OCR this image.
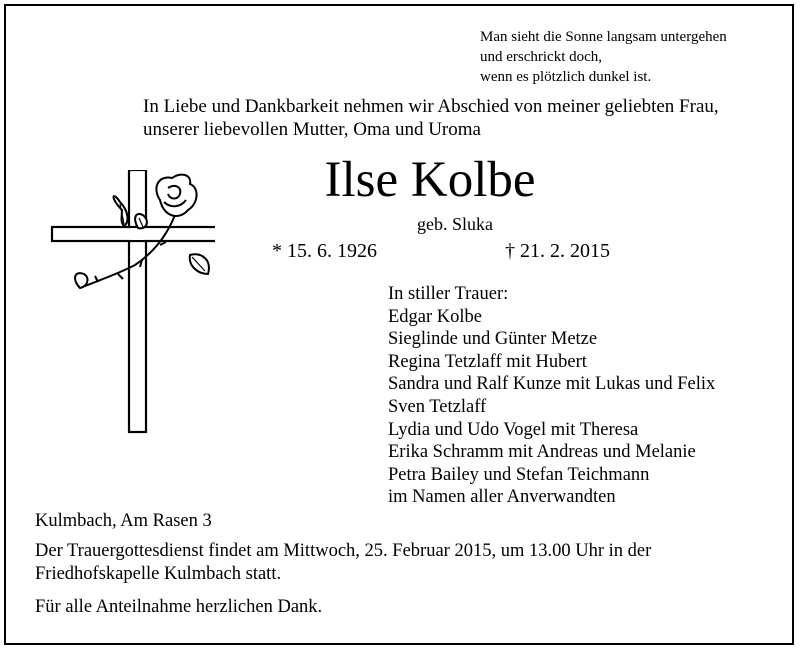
Man sieht die Sonne langsam untergehen
und erschrickt doch,
wenn es plötzlich dunkel ist.
In Liebe und Dankbarkeit nehmen wir Abschied von meiner geliebten Frau,
unserer liebevollen Mutter, Oma und Uroma
Ilse Kolbe
geb. Sluka
* 15. 6. 1926	† 21. 2. 2015
In stiller Trauer:
Edgar Kolbe
Sieglinde und Günter Metze
Regina Tetzlaff mit Hubert
Sandra und Ralf Kunze mit Lukas und Felix
Sven Tetzlaff
Lydia und Udo Vogel mit Theresa
Erika Schramm mit Andreas und Melanie
Petra Bailey und Stefan Teichmann
im Namen aller Anverwandten
Kulmbach, Am Rasen 3
Der Trauergottesdienst findet am Mittwoch, 25. Februar 2015, um 13.00 Uhr in der
Friedhofskapelle Kulmbach statt.
Für alle Anteilnahme herzlichen Dank.
